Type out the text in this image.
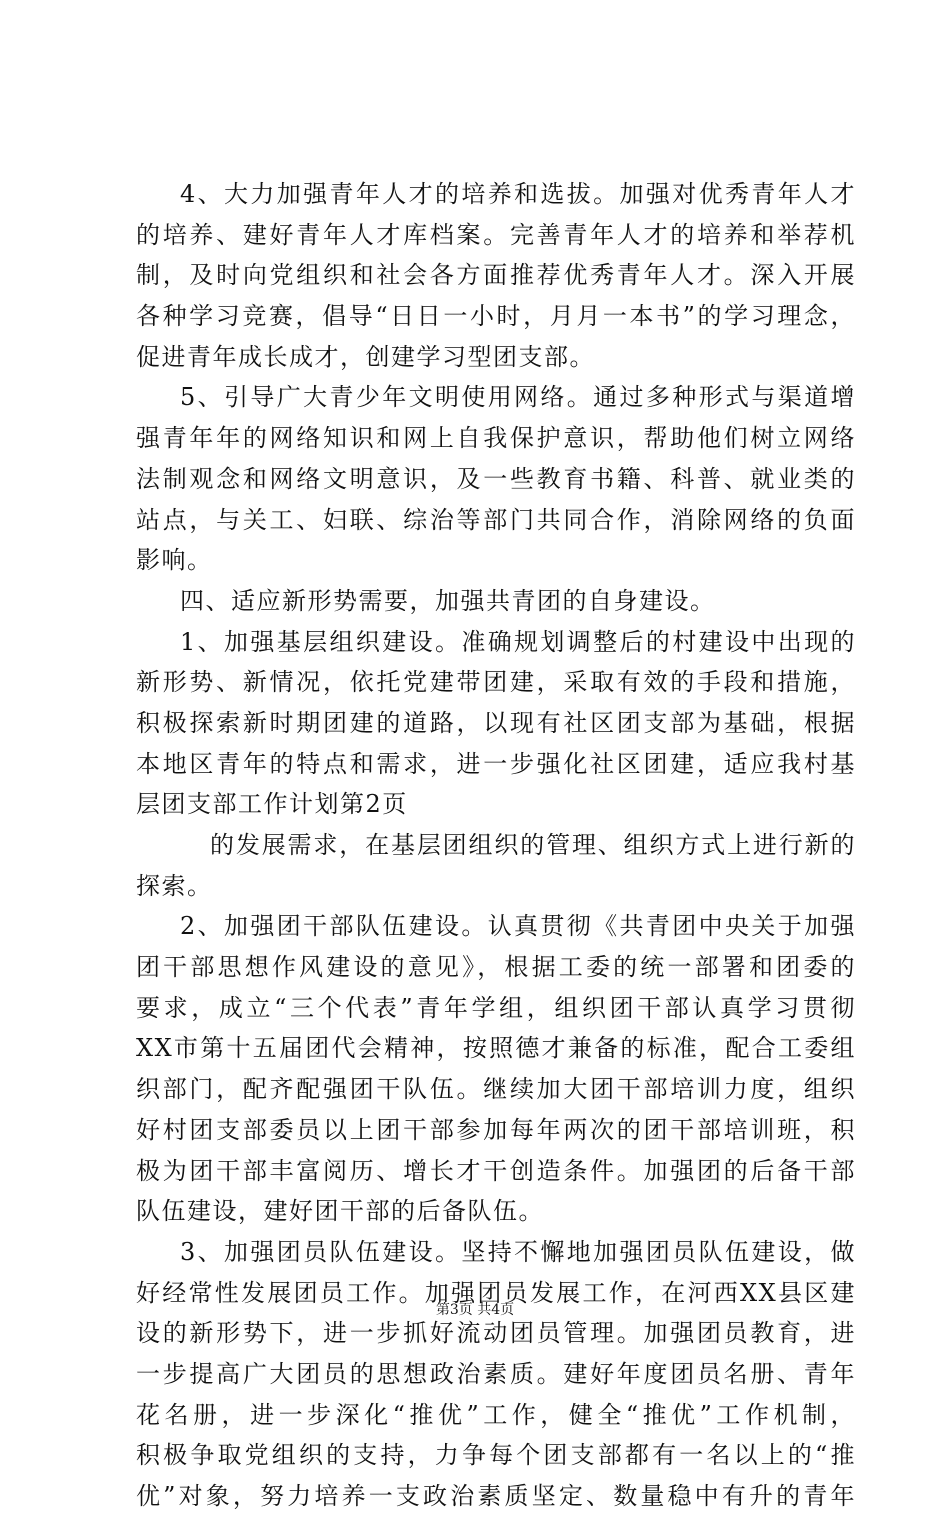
4、大力加强青年人才的培养和选拔。加强对优秀青年人才
的培养、建好青年人才库档案。完善青年人才的培养和举荐机
制，及时向党组织和社会各方面推荐优秀青年人才。深入开展
各种学习竞赛，倡导“日日一小时，月月一本书”的学习理念，
促进青年成长成才，创建学习型团支部。
5、引导广大青少年文明使用网络。通过多种形式与渠道增
强青年年的网络知识和网上自我保护意识，帮助他们树立网络
法制观念和网络文明意识，及一些教育书籍、科普、就业类的
站点，与关工、妇联、综治等部门共同合作，消除网络的负面
影响。
四、适应新形势需要，加强共青团的自身建设。
1、加强基层组织建设。准确规划调整后的村建设中出现的
新形势、新情况，依托党建带团建，采取有效的手段和措施，
积极探索新时期团建的道路，以现有社区团支部为基础，根据
本地区青年的特点和需求，进一步强化社区团建，适应我村基
层团支部工作计划第2页
的发展需求，在基层团组织的管理、组织方式上进行新的
探索。
2、加强团干部队伍建设。认真贯彻《共青团中央关于加强
团干部思想作风建设的意见》，根据工委的统一部署和团委的
要求，成立“三个代表”青年学组，组织团干部认真学习贯彻
XX市第十五届团代会精神，按照德才兼备的标准，配合工委组
织部门，配齐配强团干队伍。继续加大团干部培训力度，组织
好村团支部委员以上团干部参加每年两次的团干部培训班，积
极为团干部丰富阅历、增长才干创造条件。加强团的后备干部
队伍建设，建好团干部的后备队伍。
3、加强团员队伍建设。坚持不懈地加强团员队伍建设，做
好经常性发展团员工作。加强团员发展工作，在河西XX县区建
设的新形势下，进一步抓好流动团员管理。加强团员教育，进
一步提高广大团员的思想政治素质。建好年度团员名册、青年
花名册，进一步深化“推优”工作，健全“推优”工作机制，
积极争取党组织的支持，力争每个团支部都有一名以上的“推
优”对象，努力培养一支政治素质坚定、数量稳中有升的青年
第3页 共4页
